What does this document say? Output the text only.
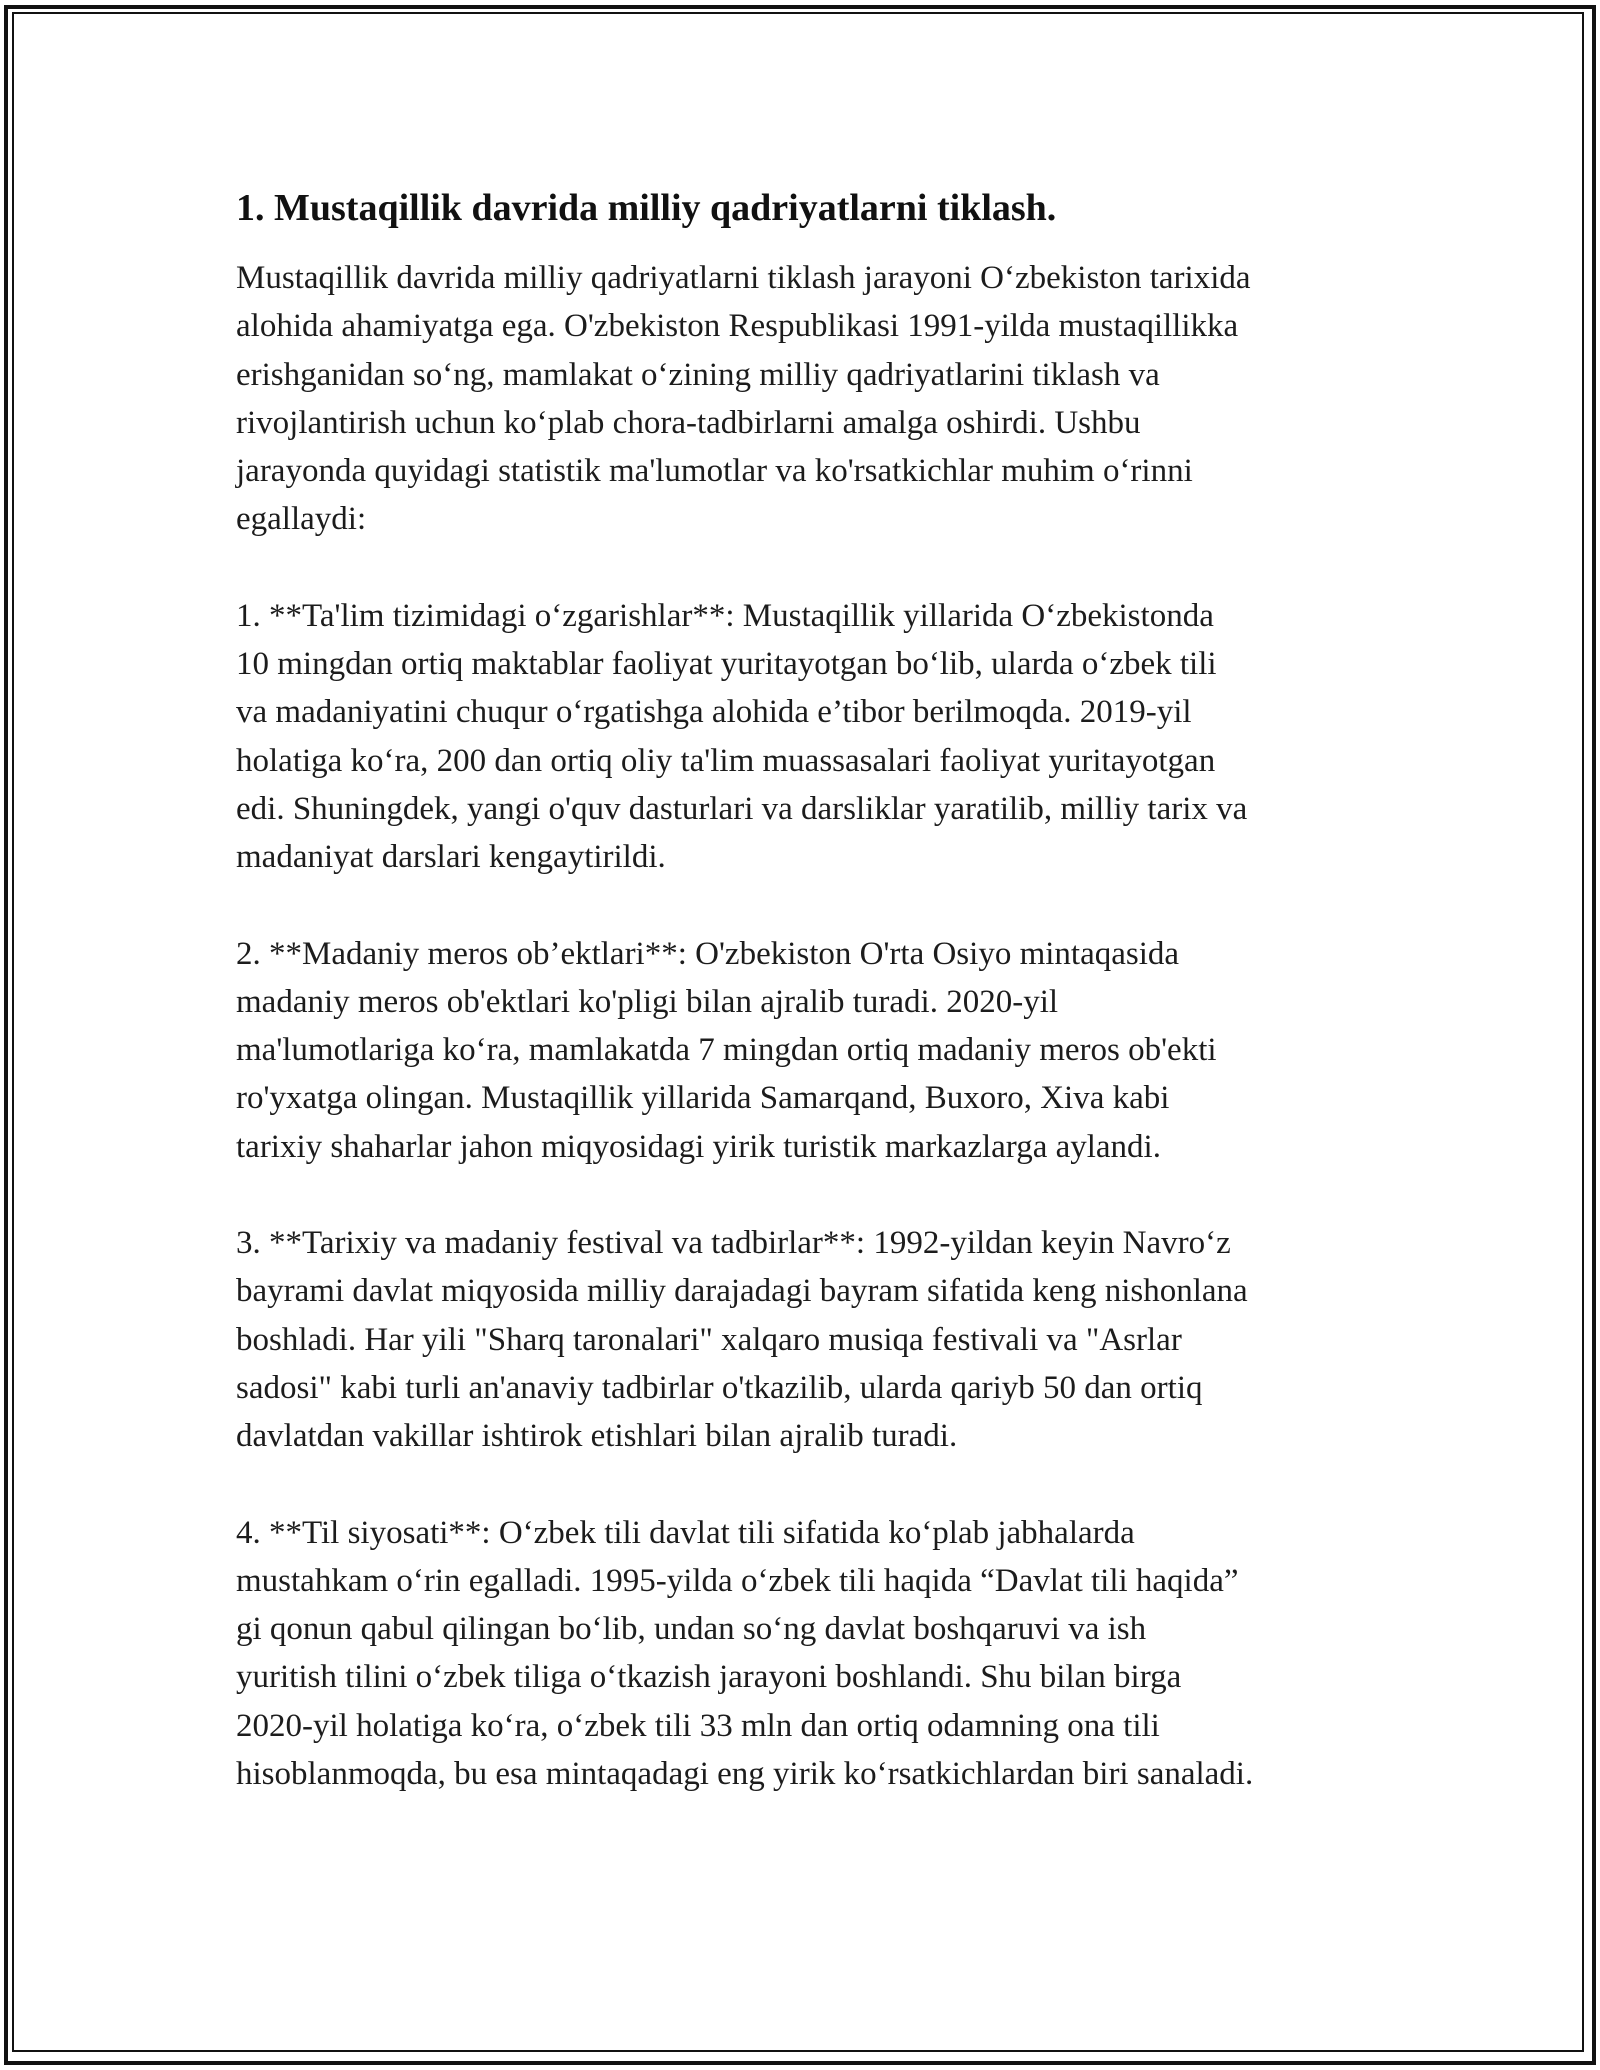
1. Mustaqillik davrida milliy qadriyatlarni tiklash.

Mustaqillik davrida milliy qadriyatlarni tiklash jarayoni O‘zbekiston tarixida
alohida ahamiyatga ega. O'zbekiston Respublikasi 1991-yilda mustaqillikka
erishganidan so‘ng, mamlakat o‘zining milliy qadriyatlarini tiklash va
rivojlantirish uchun ko‘plab chora-tadbirlarni amalga oshirdi. Ushbu
jarayonda quyidagi statistik ma'lumotlar va ko'rsatkichlar muhim o‘rinni
egallaydi:

1. **Ta'lim tizimidagi o‘zgarishlar**: Mustaqillik yillarida O‘zbekistonda
10 mingdan ortiq maktablar faoliyat yuritayotgan bo‘lib, ularda o‘zbek tili
va madaniyatini chuqur o‘rgatishga alohida e’tibor berilmoqda. 2019-yil
holatiga ko‘ra, 200 dan ortiq oliy ta'lim muassasalari faoliyat yuritayotgan
edi. Shuningdek, yangi o'quv dasturlari va darsliklar yaratilib, milliy tarix va
madaniyat darslari kengaytirildi.

2. **Madaniy meros ob’ektlari**: O'zbekiston O'rta Osiyo mintaqasida
madaniy meros ob'ektlari ko'pligi bilan ajralib turadi. 2020-yil
ma'lumotlariga ko‘ra, mamlakatda 7 mingdan ortiq madaniy meros ob'ekti
ro'yxatga olingan. Mustaqillik yillarida Samarqand, Buxoro, Xiva kabi
tarixiy shaharlar jahon miqyosidagi yirik turistik markazlarga aylandi.

3. **Tarixiy va madaniy festival va tadbirlar**: 1992-yildan keyin Navro‘z
bayrami davlat miqyosida milliy darajadagi bayram sifatida keng nishonlana
boshladi. Har yili "Sharq taronalari" xalqaro musiqa festivali va "Asrlar
sadosi" kabi turli an'anaviy tadbirlar o'tkazilib, ularda qariyb 50 dan ortiq
davlatdan vakillar ishtirok etishlari bilan ajralib turadi.

4. **Til siyosati**: O‘zbek tili davlat tili sifatida ko‘plab jabhalarda
mustahkam o‘rin egalladi. 1995-yilda o‘zbek tili haqida “Davlat tili haqida”
gi qonun qabul qilingan bo‘lib, undan so‘ng davlat boshqaruvi va ish
yuritish tilini o‘zbek tiliga o‘tkazish jarayoni boshlandi. Shu bilan birga
2020-yil holatiga ko‘ra, o‘zbek tili 33 mln dan ortiq odamning ona tili
hisoblanmoqda, bu esa mintaqadagi eng yirik ko‘rsatkichlardan biri sanaladi.
